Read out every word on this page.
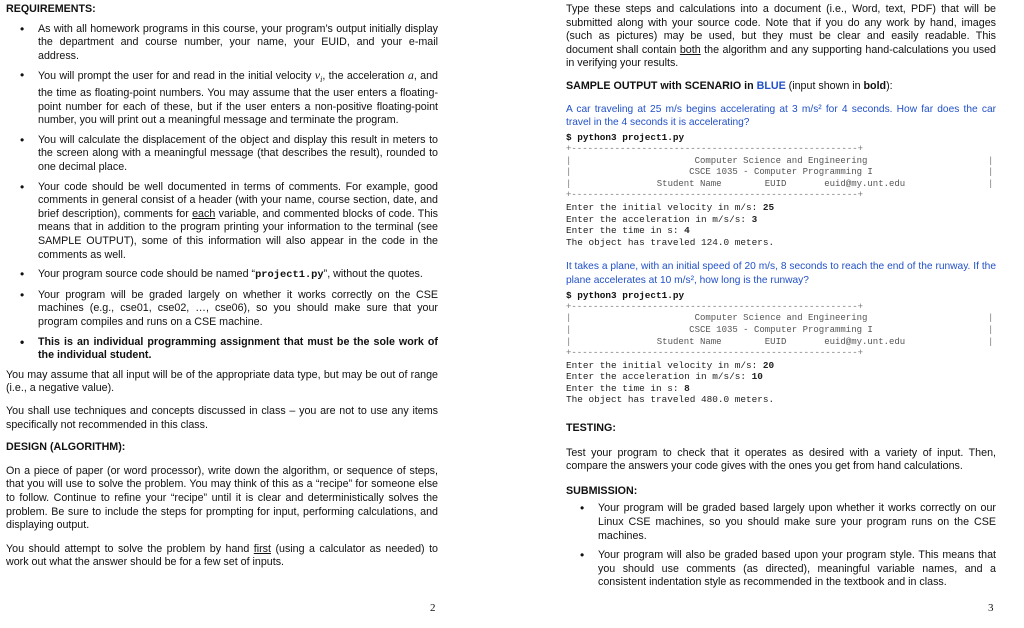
REQUIREMENTS:

• As with all homework programs in this course, your program’s output initially display the department and course number, your name, your EUID, and your e-mail address.
• You will prompt the user for and read in the initial velocity $v_i$, the acceleration a, and the time as floating-point numbers. You may assume that the user enters a floating-point number for each of these, but if the user enters a non-positive floating-point number, you will print out a meaningful message and terminate the program.
• You will calculate the displacement of the object and display this result in meters to the screen along with a meaningful message (that describes the result), rounded to one decimal place.
• Your code should be well documented in terms of comments. For example, good comments in general consist of a header (with your name, course section, date, and brief description), comments for each variable, and commented blocks of code. This means that in addition to the program printing your information to the terminal (see SAMPLE OUTPUT), some of this information will also appear in the code in the comments as well.
• Your program source code should be named “project1.py”, without the quotes.
• Your program will be graded largely on whether it works correctly on the CSE machines (e.g., cse01, cse02, …, cse06), so you should make sure that your program compiles and runs on a CSE machine.
• This is an individual programming assignment that must be the sole work of the individual student.

You may assume that all input will be of the appropriate data type, but may be out of range (i.e., a negative value).

You shall use techniques and concepts discussed in class – you are not to use any items specifically not recommended in this class.

DESIGN (ALGORITHM):

On a piece of paper (or word processor), write down the algorithm, or sequence of steps, that you will use to solve the problem. You may think of this as a “recipe” for someone else to follow. Continue to refine your “recipe” until it is clear and deterministically solves the problem. Be sure to include the steps for prompting for input, performing calculations, and displaying output.

You should attempt to solve the problem by hand first (using a calculator as needed) to work out what the answer should be for a few set of inputs.

2

Type these steps and calculations into a document (i.e., Word, text, PDF) that will be submitted along with your source code. Note that if you do any work by hand, images (such as pictures) may be used, but they must be clear and easily readable. This document shall contain both the algorithm and any supporting hand-calculations you used in verifying your results.

SAMPLE OUTPUT with SCENARIO in BLUE (input shown in bold):

A car traveling at 25 m/s begins accelerating at 3 m/s² for 4 seconds. How far does the car travel in the 4 seconds it is accelerating?

$ python3 project1.py
+-----------------------------------------------------+
|	Computer Science and Engineering	|
|	CSCE 1035 - Computer Programming I	|
|	Student Name        EUID       euid@my.unt.edu	|
+-----------------------------------------------------+
Enter the initial velocity in m/s: 25
Enter the acceleration in m/s/s: 3
Enter the time in s: 4
The object has traveled 124.0 meters.

It takes a plane, with an initial speed of 20 m/s, 8 seconds to reach the end of the runway. If the plane accelerates at 10 m/s², how long is the runway?

$ python3 project1.py
+-----------------------------------------------------+
|	Computer Science and Engineering	|
|	CSCE 1035 - Computer Programming I	|
|	Student Name        EUID       euid@my.unt.edu	|
+-----------------------------------------------------+
Enter the initial velocity in m/s: 20
Enter the acceleration in m/s/s: 10
Enter the time in s: 8
The object has traveled 480.0 meters.

TESTING:

Test your program to check that it operates as desired with a variety of input. Then, compare the answers your code gives with the ones you get from hand calculations.

SUBMISSION:

• Your program will be graded based largely upon whether it works correctly on our Linux CSE machines, so you should make sure your program runs on the CSE machines.
• Your program will also be graded based upon your program style. This means that you should use comments (as directed), meaningful variable names, and a consistent indentation style as recommended in the textbook and in class.
3
